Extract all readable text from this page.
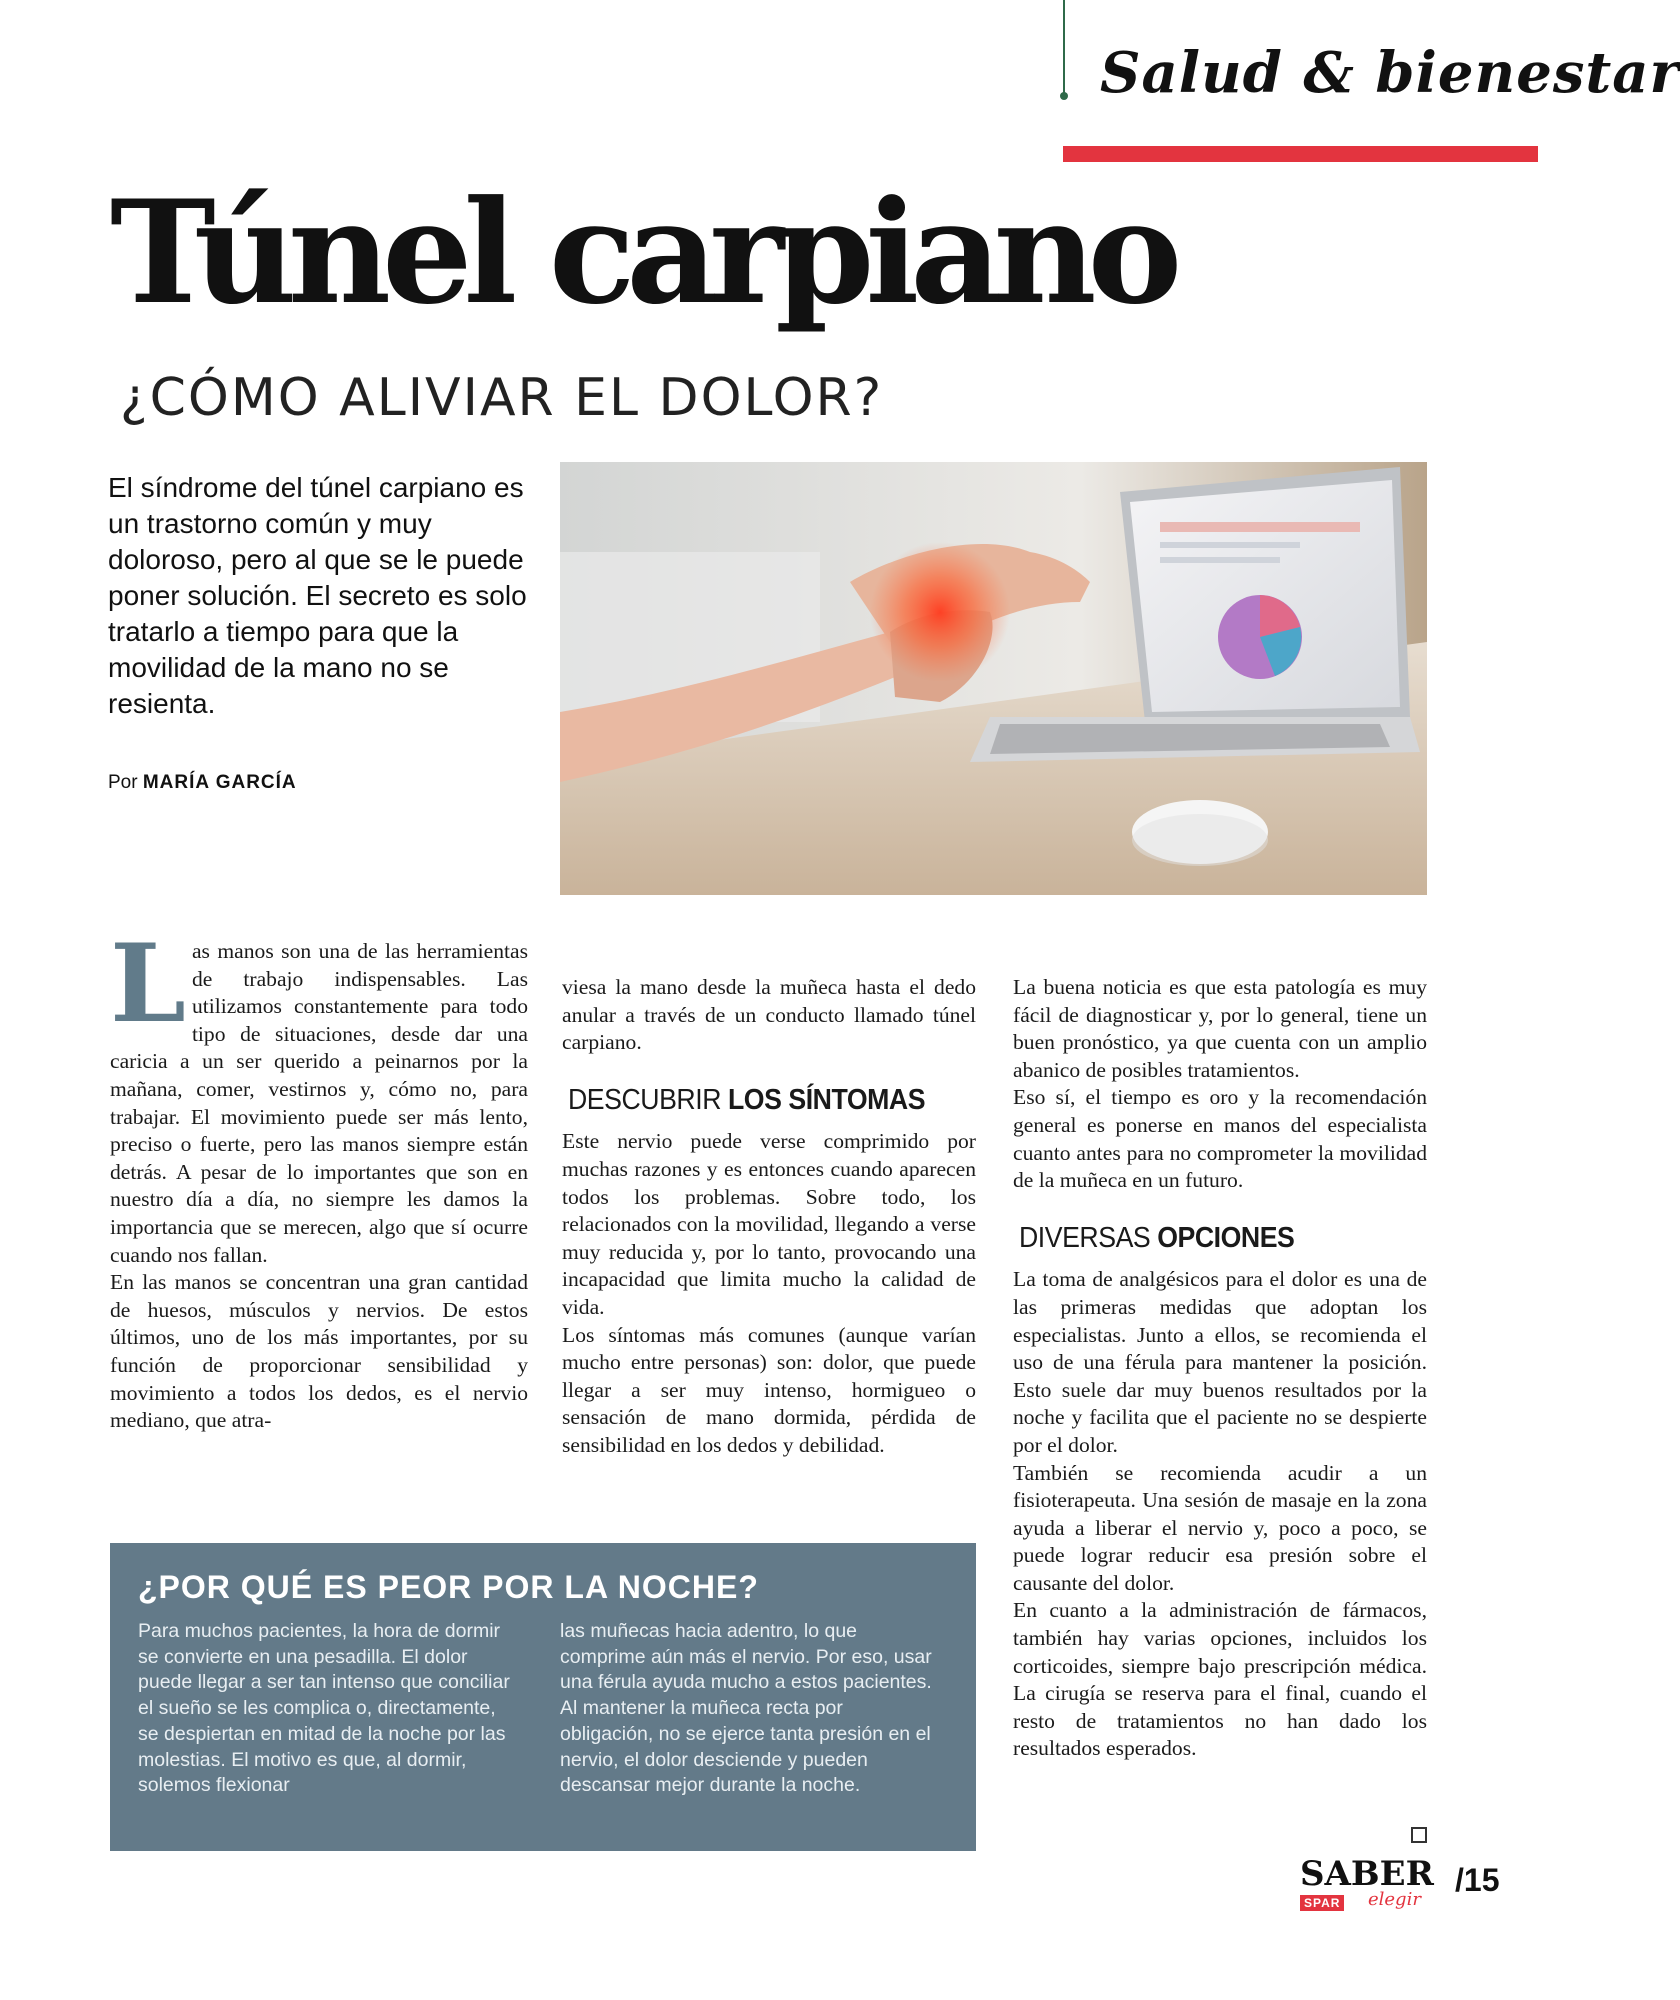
Salud & bienestar
Túnel carpiano
¿CÓMO ALIVIAR EL DOLOR?
El síndrome del túnel carpiano es un trastorno común y muy doloroso, pero al que se le puede poner solución. El secreto es solo tratarlo a tiempo para que la movilidad de la mano no se resienta.
Por MARÍA GARCÍA

Las manos son una de las herramientas de trabajo indispensables. Las utilizamos constantemente para todo tipo de situaciones, desde dar una caricia a un ser querido a peinarnos por la mañana, comer, vestirnos y, cómo no, para trabajar. El movimiento puede ser más lento, preciso o fuerte, pero las manos siempre están detrás. A pesar de lo importantes que son en nuestro día a día, no siempre les damos la importancia que se merecen, algo que sí ocurre cuando nos fallan.

En las manos se concentran una gran cantidad de huesos, músculos y nervios. De estos últimos, uno de los más importantes, por su función de proporcionar sensibilidad y movimiento a todos los dedos, es el nervio mediano, que atra-

viesa la mano desde la muñeca hasta el dedo anular a través de un conducto llamado túnel carpiano.

DESCUBRIR LOS SÍNTOMAS

Este nervio puede verse comprimido por muchas razones y es entonces cuando aparecen todos los problemas. Sobre todo, los relacionados con la movilidad, llegando a verse muy reducida y, por lo tanto, provocando una incapacidad que limita mucho la calidad de vida.

Los síntomas más comunes (aunque varían mucho entre personas) son: dolor, que puede llegar a ser muy intenso, hormigueo o sensación de mano dormida, pérdida de sensibilidad en los dedos y debilidad.

La buena noticia es que esta patología es muy fácil de diagnosticar y, por lo general, tiene un buen pronóstico, ya que cuenta con un amplio abanico de posibles tratamientos.

Eso sí, el tiempo es oro y la recomendación general es ponerse en manos del especialista cuanto antes para no comprometer la movilidad de la muñeca en un futuro.

DIVERSAS OPCIONES

La toma de analgésicos para el dolor es una de las primeras medidas que adoptan los especialistas. Junto a ellos, se recomienda el uso de una férula para mantener la posición. Esto suele dar muy buenos resultados por la noche y facilita que el paciente no se despierte por el dolor.

También se recomienda acudir a un fisioterapeuta. Una sesión de masaje en la zona ayuda a liberar el nervio y, poco a poco, se puede lograr reducir esa presión sobre el causante del dolor.

En cuanto a la administración de fármacos, también hay varias opciones, incluidos los corticoides, siempre bajo prescripción médica. La cirugía se reserva para el final, cuando el resto de tratamientos no han dado los resultados esperados.

¿POR QUÉ ES PEOR POR LA NOCHE?
Para muchos pacientes, la hora de dormir se convierte en una pesadilla. El dolor puede llegar a ser tan intenso que conciliar el sueño se les complica o, directamente, se despiertan en mitad de la noche por las molestias. El motivo es que, al dormir, solemos flexionar
las muñecas hacia adentro, lo que comprime aún más el nervio. Por eso, usar una férula ayuda mucho a estos pacientes. Al mantener la muñeca recta por obligación, no se ejerce tanta presión en el nervio, el dolor desciende y pueden descansar mejor durante la noche.
SABER
SPAR elegir
/15
